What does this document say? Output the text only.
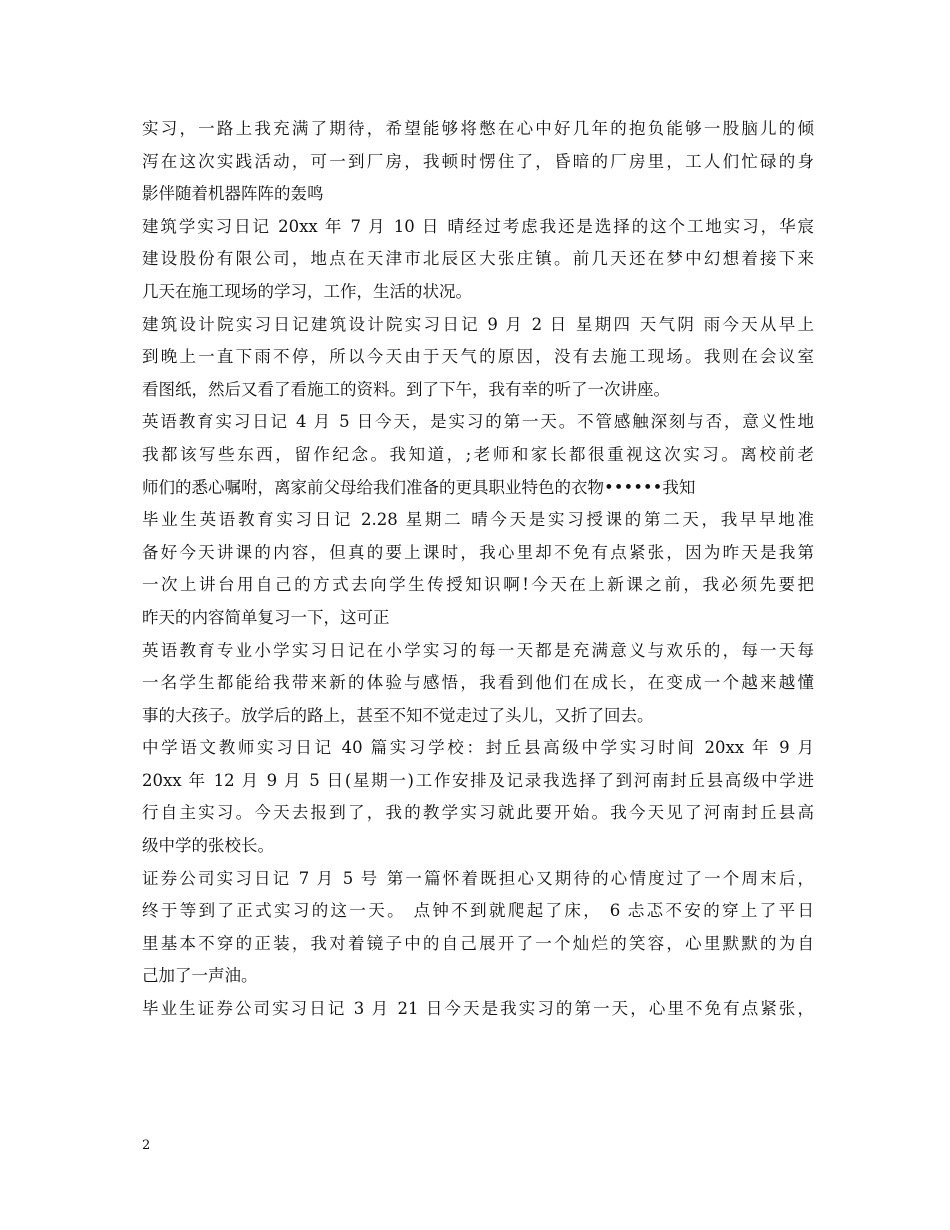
实习，一路上我充满了期待，希望能够将憋在心中好几年的抱负能够一股脑儿的倾
泻在这次实践活动，可一到厂房，我顿时愣住了，昏暗的厂房里，工人们忙碌的身
影伴随着机器阵阵的轰鸣
建筑学实习日记 20xx 年 7 月 10 日 晴经过考虑我还是选择的这个工地实习，华宸
建设股份有限公司，地点在天津市北辰区大张庄镇。前几天还在梦中幻想着接下来
几天在施工现场的学习，工作，生活的状况。
建筑设计院实习日记建筑设计院实习日记 9 月 2 日 星期四 天气阴 雨今天从早上
到晚上一直下雨不停，所以今天由于天气的原因，没有去施工现场。我则在会议室
看图纸，然后又看了看施工的资料。到了下午，我有幸的听了一次讲座。
英语教育实习日记 4 月 5 日今天，是实习的第一天。不管感触深刻与否，意义性地
我都该写些东西，留作纪念。我知道，;老师和家长都很重视这次实习。离校前老
师们的悉心嘱咐，离家前父母给我们准备的更具职业特色的衣物••••••我知
毕业生英语教育实习日记 2.28 星期二 晴今天是实习授课的第二天，我早早地准
备好今天讲课的内容，但真的要上课时，我心里却不免有点紧张，因为昨天是我第
一次上讲台用自己的方式去向学生传授知识啊!今天在上新课之前，我必须先要把
昨天的内容简单复习一下，这可正
英语教育专业小学实习日记在小学实习的每一天都是充满意义与欢乐的，每一天每
一名学生都能给我带来新的体验与感悟，我看到他们在成长，在变成一个越来越懂
事的大孩子。放学后的路上，甚至不知不觉走过了头儿，又折了回去。
中学语文教师实习日记 40 篇实习学校：封丘县高级中学实习时间 20xx 年 9 月
20xx 年 12 月 9 月 5 日(星期一)工作安排及记录我选择了到河南封丘县高级中学进
行自主实习。今天去报到了，我的教学实习就此要开始。我今天见了河南封丘县高
级中学的张校长。
证券公司实习日记 7 月 5 号 第一篇怀着既担心又期待的心情度过了一个周末后，
终于等到了正式实习的这一天。 点钟不到就爬起了床， 6 忐忑不安的穿上了平日
里基本不穿的正装，我对着镜子中的自己展开了一个灿烂的笑容，心里默默的为自
己加了一声油。
毕业生证券公司实习日记 3 月 21 日今天是我实习的第一天，心里不免有点紧张，
2
